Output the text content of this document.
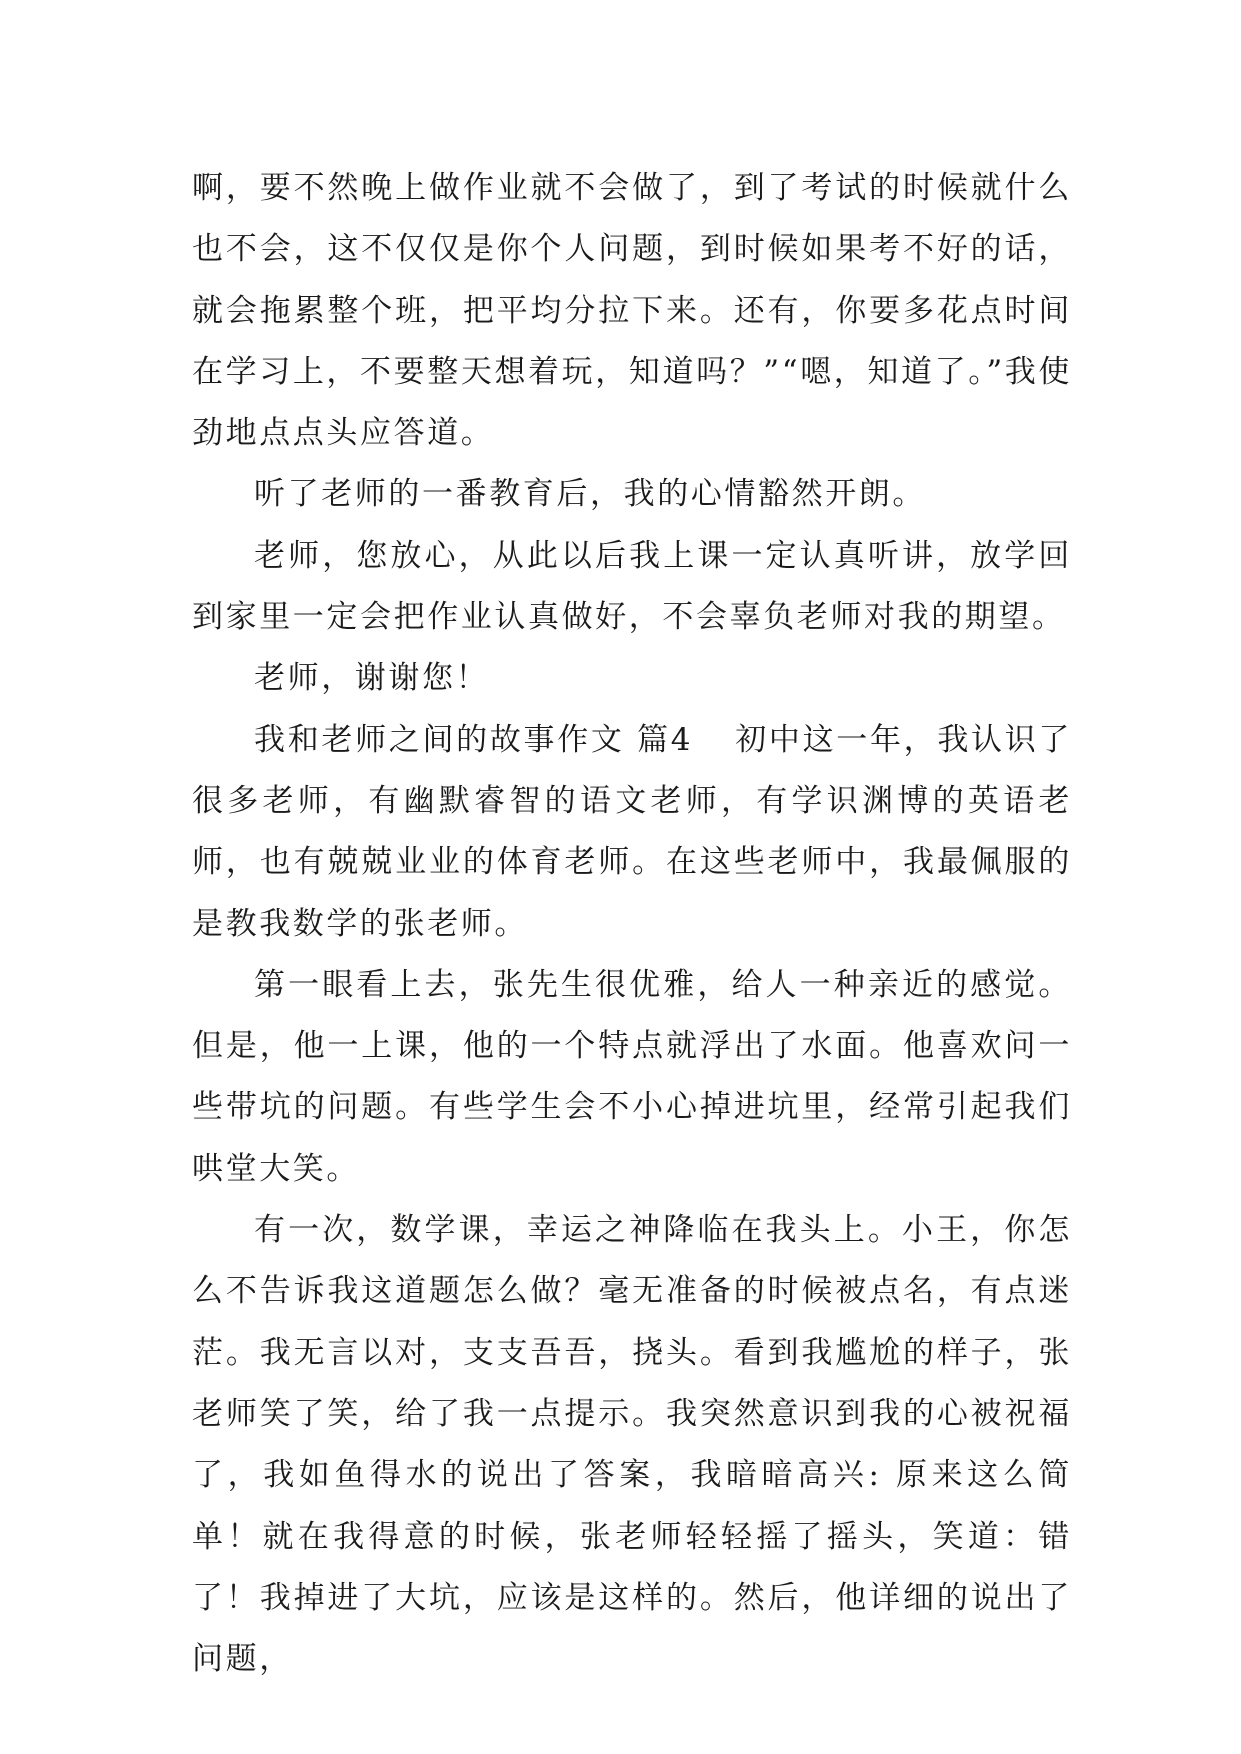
啊，要不然晚上做作业就不会做了，到了考试的时候就什么也不会，这不仅仅是你个人问题，到时候如果考不好的话，就会拖累整个班，把平均分拉下来。还有，你要多花点时间在学习上，不要整天想着玩，知道吗？”“嗯，知道了。”我使劲地点点头应答道。

听了老师的一番教育后，我的心情豁然开朗。

老师，您放心，从此以后我上课一定认真听讲，放学回到家里一定会把作业认真做好，不会辜负老师对我的期望。

老师，谢谢您！

我和老师之间的故事作文 篇4 初中这一年，我认识了很多老师，有幽默睿智的语文老师，有学识渊博的英语老师，也有兢兢业业的体育老师。在这些老师中，我最佩服的是教我数学的张老师。

第一眼看上去，张先生很优雅，给人一种亲近的感觉。但是，他一上课，他的一个特点就浮出了水面。他喜欢问一些带坑的问题。有些学生会不小心掉进坑里，经常引起我们哄堂大笑。

有一次，数学课，幸运之神降临在我头上。小王，你怎么不告诉我这道题怎么做？毫无准备的时候被点名，有点迷茫。我无言以对，支支吾吾，挠头。看到我尴尬的样子，张老师笑了笑，给了我一点提示。我突然意识到我的心被祝福了，我如鱼得水的说出了答案，我暗暗高兴: 原来这么简单！就在我得意的时候，张老师轻轻摇了摇头，笑道：错了！我掉进了大坑，应该是这样的。然后，他详细的说出了问题，
